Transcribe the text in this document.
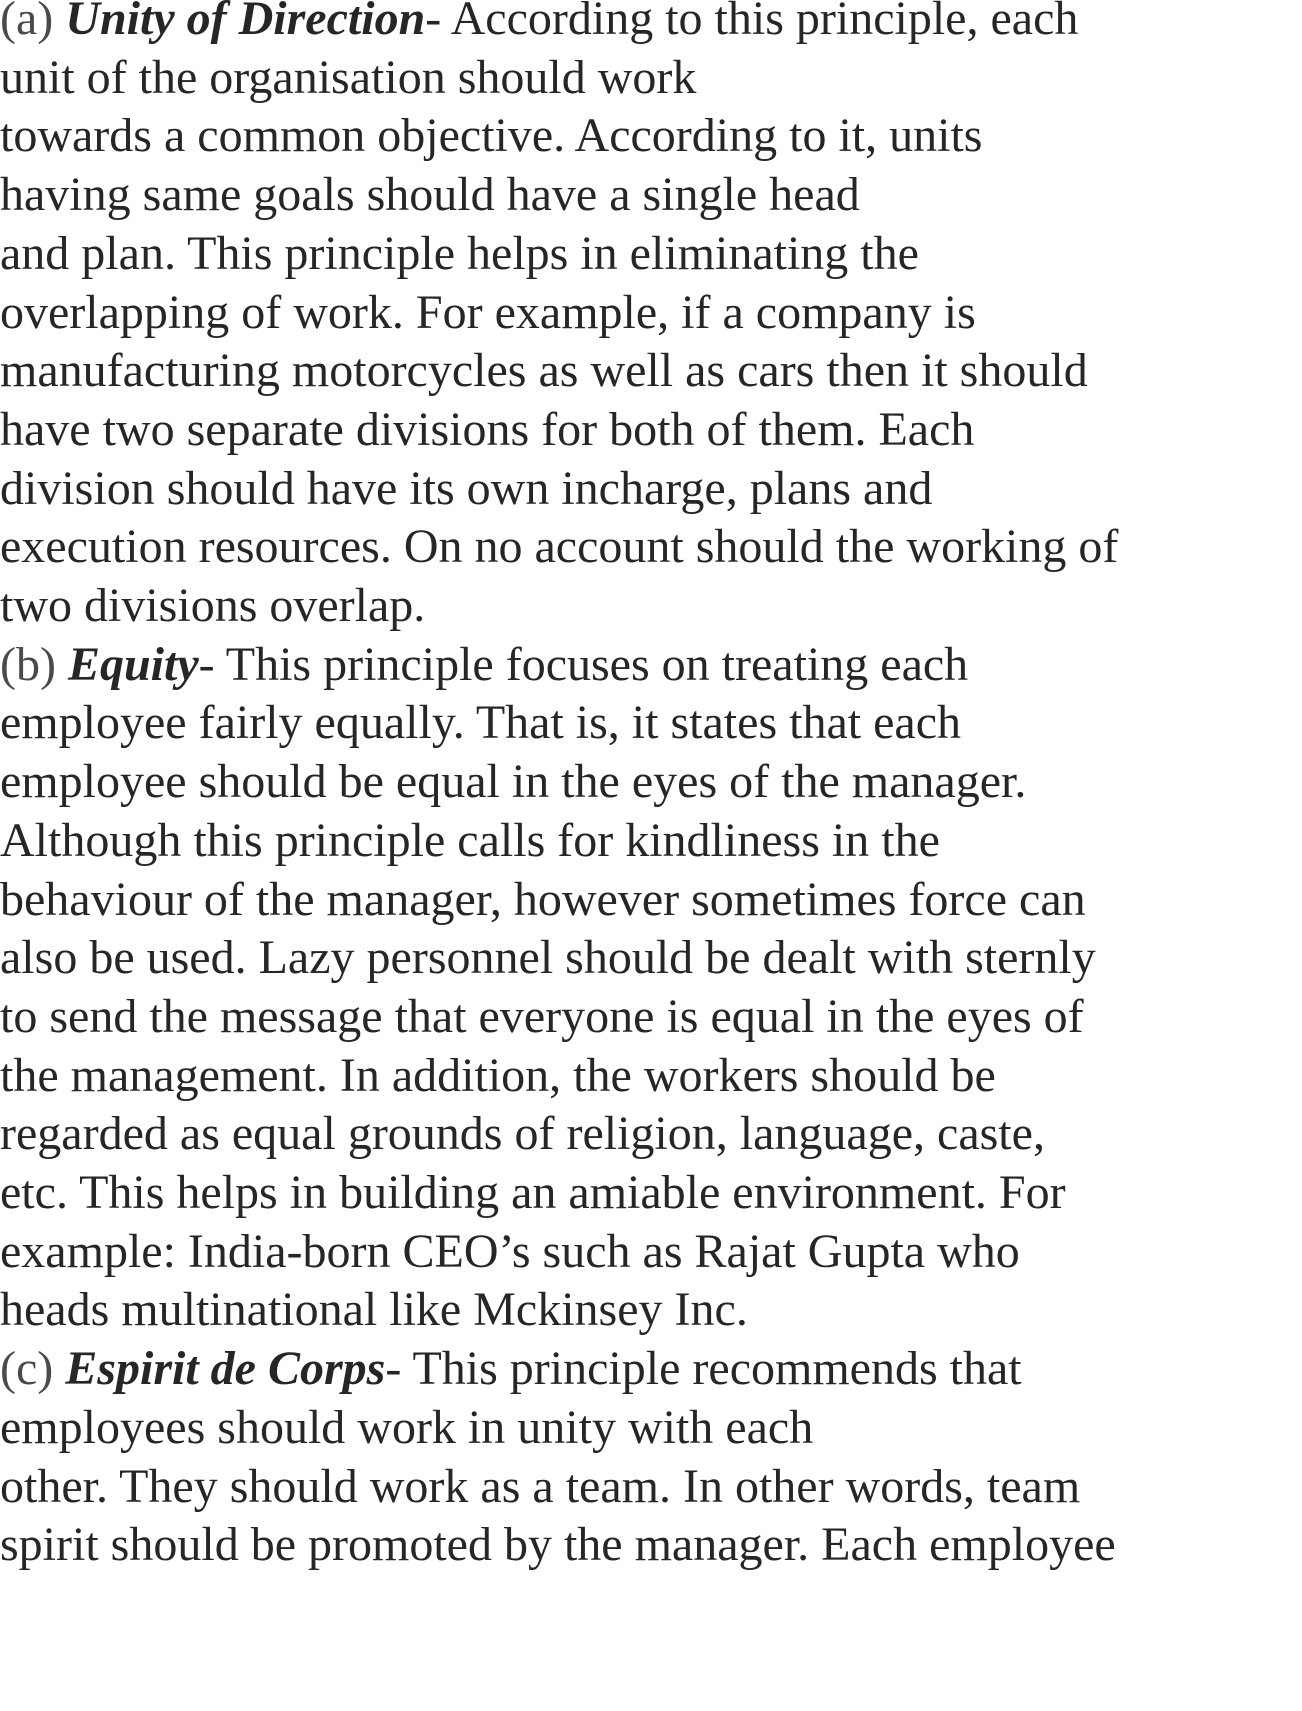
(a) Unity of Direction- According to this principle, each
unit of the organisation should work
towards a common objective. According to it, units
having same goals should have a single head
and plan. This principle helps in eliminating the
overlapping of work. For example, if a company is
manufacturing motorcycles as well as cars then it should
have two separate divisions for both of them. Each
division should have its own incharge, plans and
execution resources. On no account should the working of
two divisions overlap.
(b) Equity- This principle focuses on treating each
employee fairly equally. That is, it states that each
employee should be equal in the eyes of the manager.
Although this principle calls for kindliness in the
behaviour of the manager, however sometimes force can
also be used. Lazy personnel should be dealt with sternly
to send the message that everyone is equal in the eyes of
the management. In addition, the workers should be
regarded as equal grounds of religion, language, caste,
etc. This helps in building an amiable environment. For
example: India-born CEO’s such as Rajat Gupta who
heads multinational like Mckinsey Inc.
(c) Espirit de Corps- This principle recommends that
employees should work in unity with each
other. They should work as a team. In other words, team
spirit should be promoted by the manager. Each employee
